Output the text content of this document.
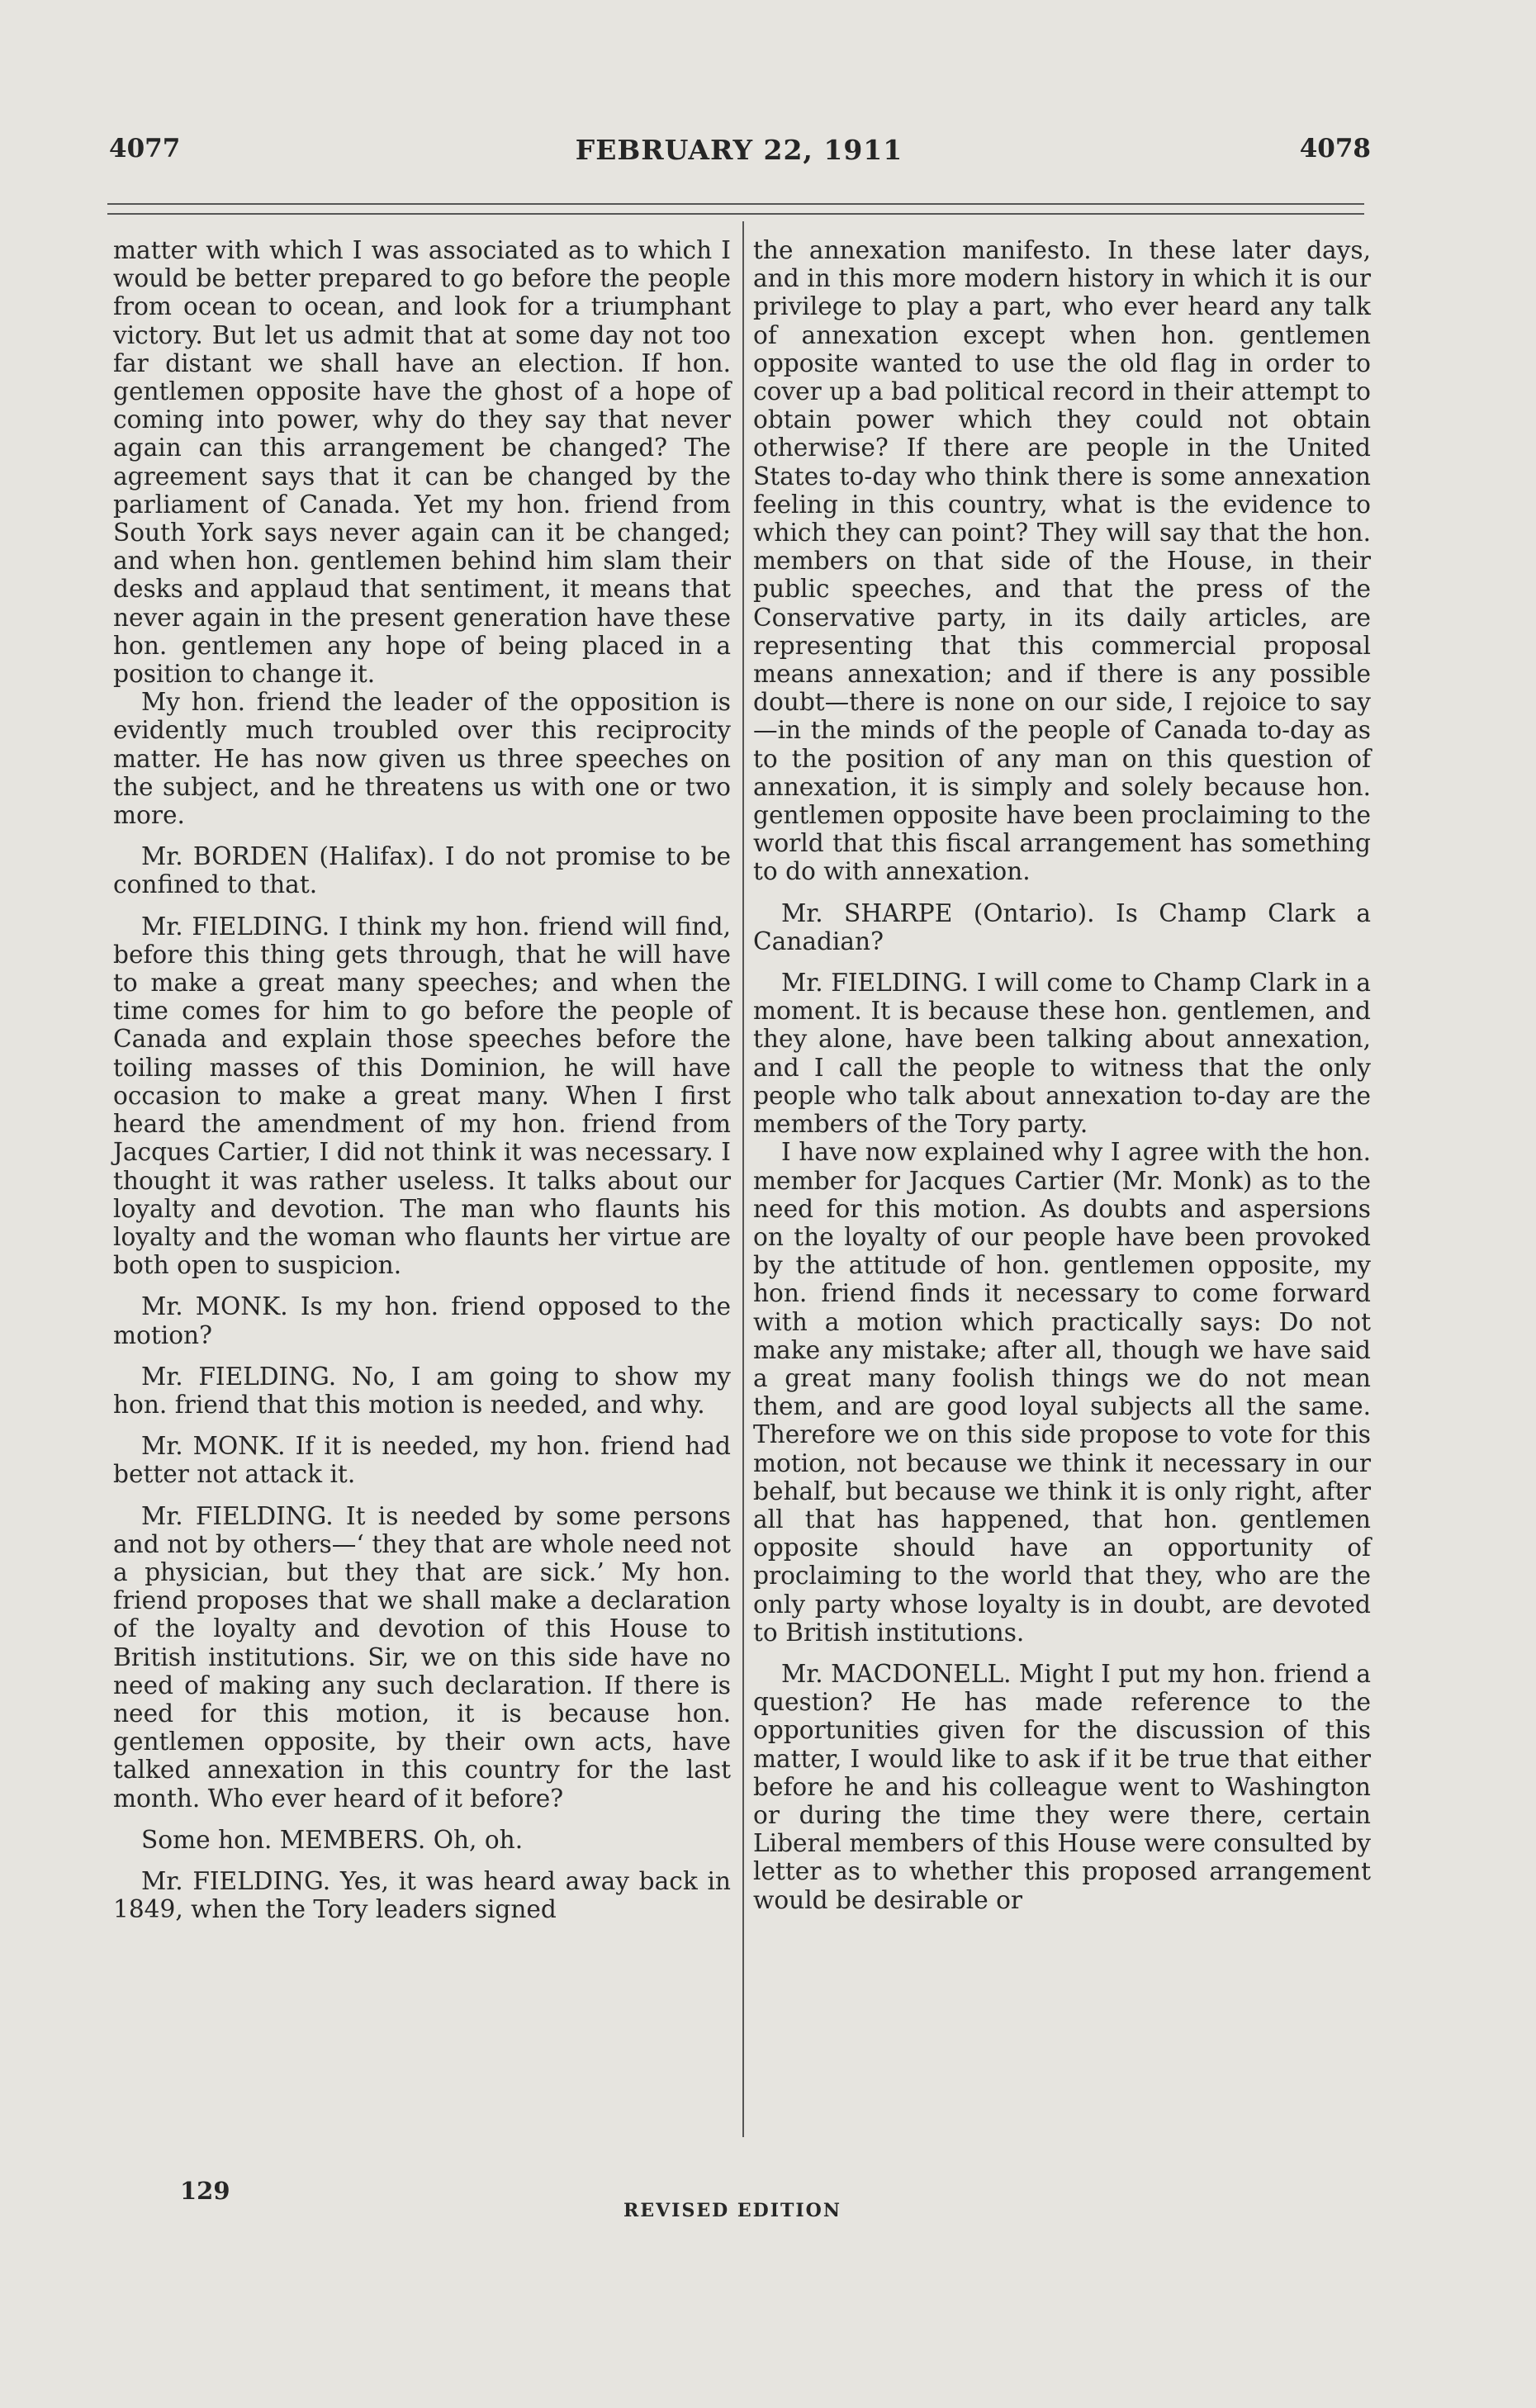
4077	FEBRUARY 22, 1911	4078

matter with which I was associated as to which I would be better prepared to go before the people from ocean to ocean, and look for a triumphant victory. But let us admit that at some day not too far distant we shall have an election. If hon. gentlemen opposite have the ghost of a hope of coming into power, why do they say that never again can this arrangement be changed? The agreement says that it can be changed by the parliament of Canada. Yet my hon. friend from South York says never again can it be changed; and when hon. gentlemen behind him slam their desks and applaud that sentiment, it means that never again in the present generation have these hon. gentlemen any hope of being placed in a position to change it.

My hon. friend the leader of the opposition is evidently much troubled over this reciprocity matter. He has now given us three speeches on the subject, and he threatens us with one or two more.

Mr. BORDEN (Halifax). I do not promise to be confined to that.

Mr. FIELDING. I think my hon. friend will find, before this thing gets through, that he will have to make a great many speeches; and when the time comes for him to go before the people of Canada and explain those speeches before the toiling masses of this Dominion, he will have occasion to make a great many. When I first heard the amendment of my hon. friend from Jacques Cartier, I did not think it was necessary. I thought it was rather useless. It talks about our loyalty and devotion. The man who flaunts his loyalty and the woman who flaunts her virtue are both open to suspicion.

Mr. MONK. Is my hon. friend opposed to the motion?

Mr. FIELDING. No, I am going to show my hon. friend that this motion is needed, and why.

Mr. MONK. If it is needed, my hon. friend had better not attack it.

Mr. FIELDING. It is needed by some persons and not by others—‘ they that are whole need not a physician, but they that are sick.’ My hon. friend proposes that we shall make a declaration of the loyalty and devotion of this House to British institutions. Sir, we on this side have no need of making any such declaration. If there is need for this motion, it is because hon. gentlemen opposite, by their own acts, have talked annexation in this country for the last month. Who ever heard of it before?

Some hon. MEMBERS. Oh, oh.

Mr. FIELDING. Yes, it was heard away back in 1849, when the Tory leaders signed

the annexation manifesto. In these later days, and in this more modern history in which it is our privilege to play a part, who ever heard any talk of annexation except when hon. gentlemen opposite wanted to use the old flag in order to cover up a bad political record in their attempt to obtain power which they could not obtain otherwise? If there are people in the United States to-day who think there is some annexation feeling in this country, what is the evidence to which they can point? They will say that the hon. members on that side of the House, in their public speeches, and that the press of the Conservative party, in its daily articles, are representing that this commercial proposal means annexation; and if there is any possible doubt—there is none on our side, I rejoice to say—in the minds of the people of Canada to-day as to the position of any man on this question of annexation, it is simply and solely because hon. gentlemen opposite have been proclaiming to the world that this fiscal arrangement has something to do with annexation.

Mr. SHARPE (Ontario). Is Champ Clark a Canadian?

Mr. FIELDING. I will come to Champ Clark in a moment. It is because these hon. gentlemen, and they alone, have been talking about annexation, and I call the people to witness that the only people who talk about annexation to-day are the members of the Tory party.

I have now explained why I agree with the hon. member for Jacques Cartier (Mr. Monk) as to the need for this motion. As doubts and aspersions on the loyalty of our people have been provoked by the attitude of hon. gentlemen opposite, my hon. friend finds it necessary to come forward with a motion which practically says: Do not make any mistake; after all, though we have said a great many foolish things we do not mean them, and are good loyal subjects all the same. Therefore we on this side propose to vote for this motion, not because we think it necessary in our behalf, but because we think it is only right, after all that has happened, that hon. gentlemen opposite should have an opportunity of proclaiming to the world that they, who are the only party whose loyalty is in doubt, are devoted to British institutions.

Mr. MACDONELL. Might I put my hon. friend a question? He has made reference to the opportunities given for the discussion of this matter, I would like to ask if it be true that either before he and his colleague went to Washington or during the time they were there, certain Liberal members of this House were consulted by letter as to whether this proposed arrangement would be desirable or

129
REVISED EDITION
